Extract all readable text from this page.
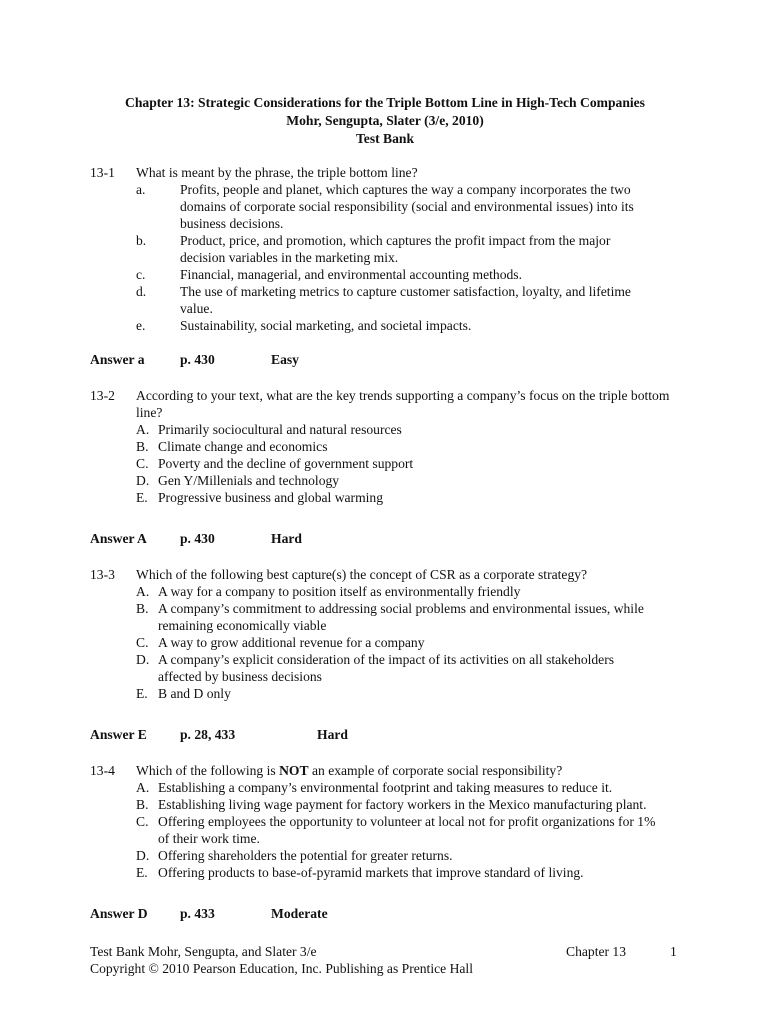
Chapter 13: Strategic Considerations for the Triple Bottom Line in High-Tech Companies
Mohr, Sengupta, Slater (3/e, 2010)
Test Bank
13-1	What is meant by the phrase, the triple bottom line?
a.	Profits, people and planet, which captures the way a company incorporates the two domains of corporate social responsibility (social and environmental issues) into its business decisions.
b.	Product, price, and promotion, which captures the profit impact from the major decision variables in the marketing mix.
c.	Financial, managerial, and environmental accounting methods.
d.	The use of marketing metrics to capture customer satisfaction, loyalty, and lifetime value.
e.	Sustainability, social marketing, and societal impacts.
Answer a	p. 430	Easy
13-2	According to your text, what are the key trends supporting a company’s focus on the triple bottom line?
A. Primarily sociocultural and natural resources
B. Climate change and economics
C. Poverty and the decline of government support
D. Gen Y/Millenials and technology
E. Progressive business and global warming
Answer A p. 430	Hard
13-3	Which of the following best capture(s) the concept of CSR as a corporate strategy?
A. A way for a company to position itself as environmentally friendly
B. A company’s commitment to addressing social problems and environmental issues, while remaining economically viable
C. A way to grow additional revenue for a company
D. A company’s explicit consideration of the impact of its activities on all stakeholders affected by business decisions
E. B and D only
Answer E p. 28, 433	Hard
13-4	Which of the following is NOT an example of corporate social responsibility?
A. Establishing a company’s environmental footprint and taking measures to reduce it.
B. Establishing living wage payment for factory workers in the Mexico manufacturing plant.
C. Offering employees the opportunity to volunteer at local not for profit organizations for 1% of their work time.
D. Offering shareholders the potential for greater returns.
E. Offering products to base-of-pyramid markets that improve standard of living.
Answer D p. 433	Moderate
Test Bank Mohr, Sengupta, and Slater 3/e	Chapter 13	1
Copyright © 2010 Pearson Education, Inc. Publishing as Prentice Hall
